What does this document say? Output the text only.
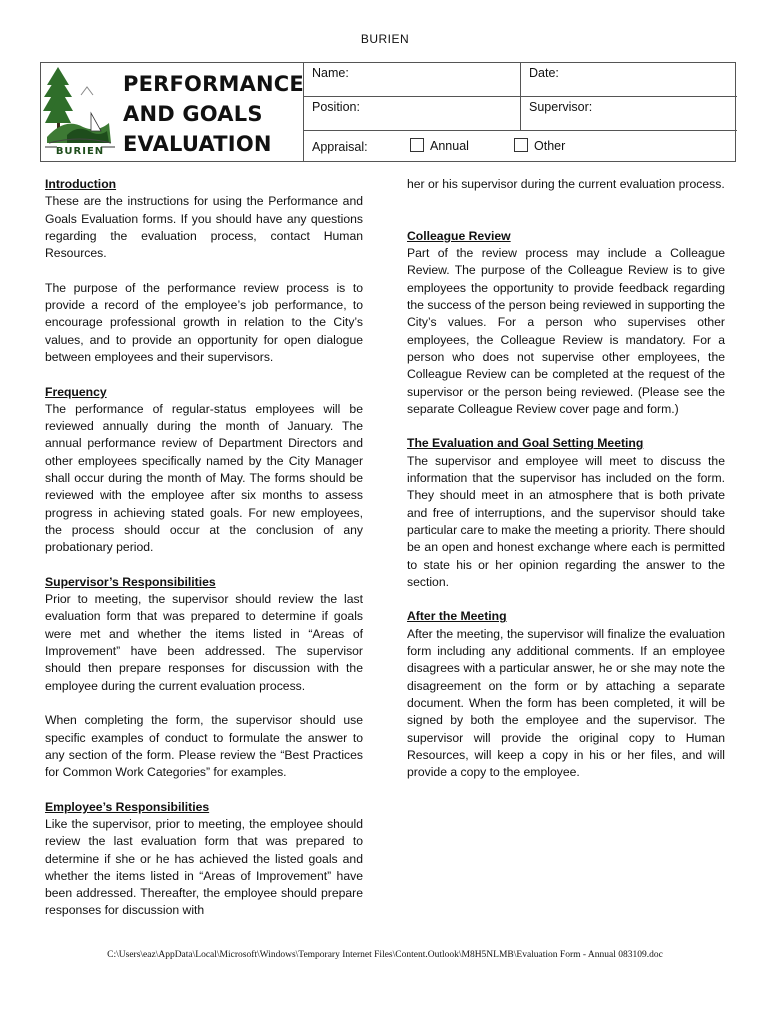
BURIEN
BURIEN
PERFORMANCE
AND GOALS
EVALUATION
Name:	Date:
Position:	Supervisor:
Appraisal:	Annual	Other
Introduction
These are the instructions for using the Performance and Goals Evaluation forms. If you should have any questions regarding the evaluation process, contact Human Resources.
The purpose of the performance review process is to provide a record of the employee’s job performance, to encourage professional growth in relation to the City’s values, and to provide an opportunity for open dialogue between employees and their supervisors.
Frequency
The performance of regular-status employees will be reviewed annually during the month of January. The annual performance review of Department Directors and other employees specifically named by the City Manager shall occur during the month of May. The forms should be reviewed with the employee after six months to assess progress in achieving stated goals. For new employees, the process should occur at the conclusion of any probationary period.
Supervisor’s Responsibilities
Prior to meeting, the supervisor should review the last evaluation form that was prepared to determine if goals were met and whether the items listed in “Areas of Improvement” have been addressed. The supervisor should then prepare responses for discussion with the employee during the current evaluation process.
When completing the form, the supervisor should use specific examples of conduct to formulate the answer to any section of the form. Please review the “Best Practices for Common Work Categories” for examples.
Employee’s Responsibilities
Like the supervisor, prior to meeting, the employee should review the last evaluation form that was prepared to determine if she or he has achieved the listed goals and whether the items listed in “Areas of Improvement” have been addressed. Thereafter, the employee should prepare responses for discussion with
her or his supervisor during the current evaluation process.
Colleague Review
Part of the review process may include a Colleague Review. The purpose of the Colleague Review is to give employees the opportunity to provide feedback regarding the success of the person being reviewed in supporting the City’s values. For a person who supervises other employees, the Colleague Review is mandatory. For a person who does not supervise other employees, the Colleague Review can be completed at the request of the supervisor or the person being reviewed. (Please see the separate Colleague Review cover page and form.)
The Evaluation and Goal Setting Meeting
The supervisor and employee will meet to discuss the information that the supervisor has included on the form. They should meet in an atmosphere that is both private and free of interruptions, and the supervisor should take particular care to make the meeting a priority. There should be an open and honest exchange where each is permitted to state his or her opinion regarding the answer to the section.
After the Meeting
After the meeting, the supervisor will finalize the evaluation form including any additional comments. If an employee disagrees with a particular answer, he or she may note the disagreement on the form or by attaching a separate document. When the form has been completed, it will be signed by both the employee and the supervisor. The supervisor will provide the original copy to Human Resources, will keep a copy in his or her files, and will provide a copy to the employee.
C:\Users\eaz\AppData\Local\Microsoft\Windows\Temporary Internet Files\Content.Outlook\M8H5NLMB\Evaluation Form - Annual 083109.doc
